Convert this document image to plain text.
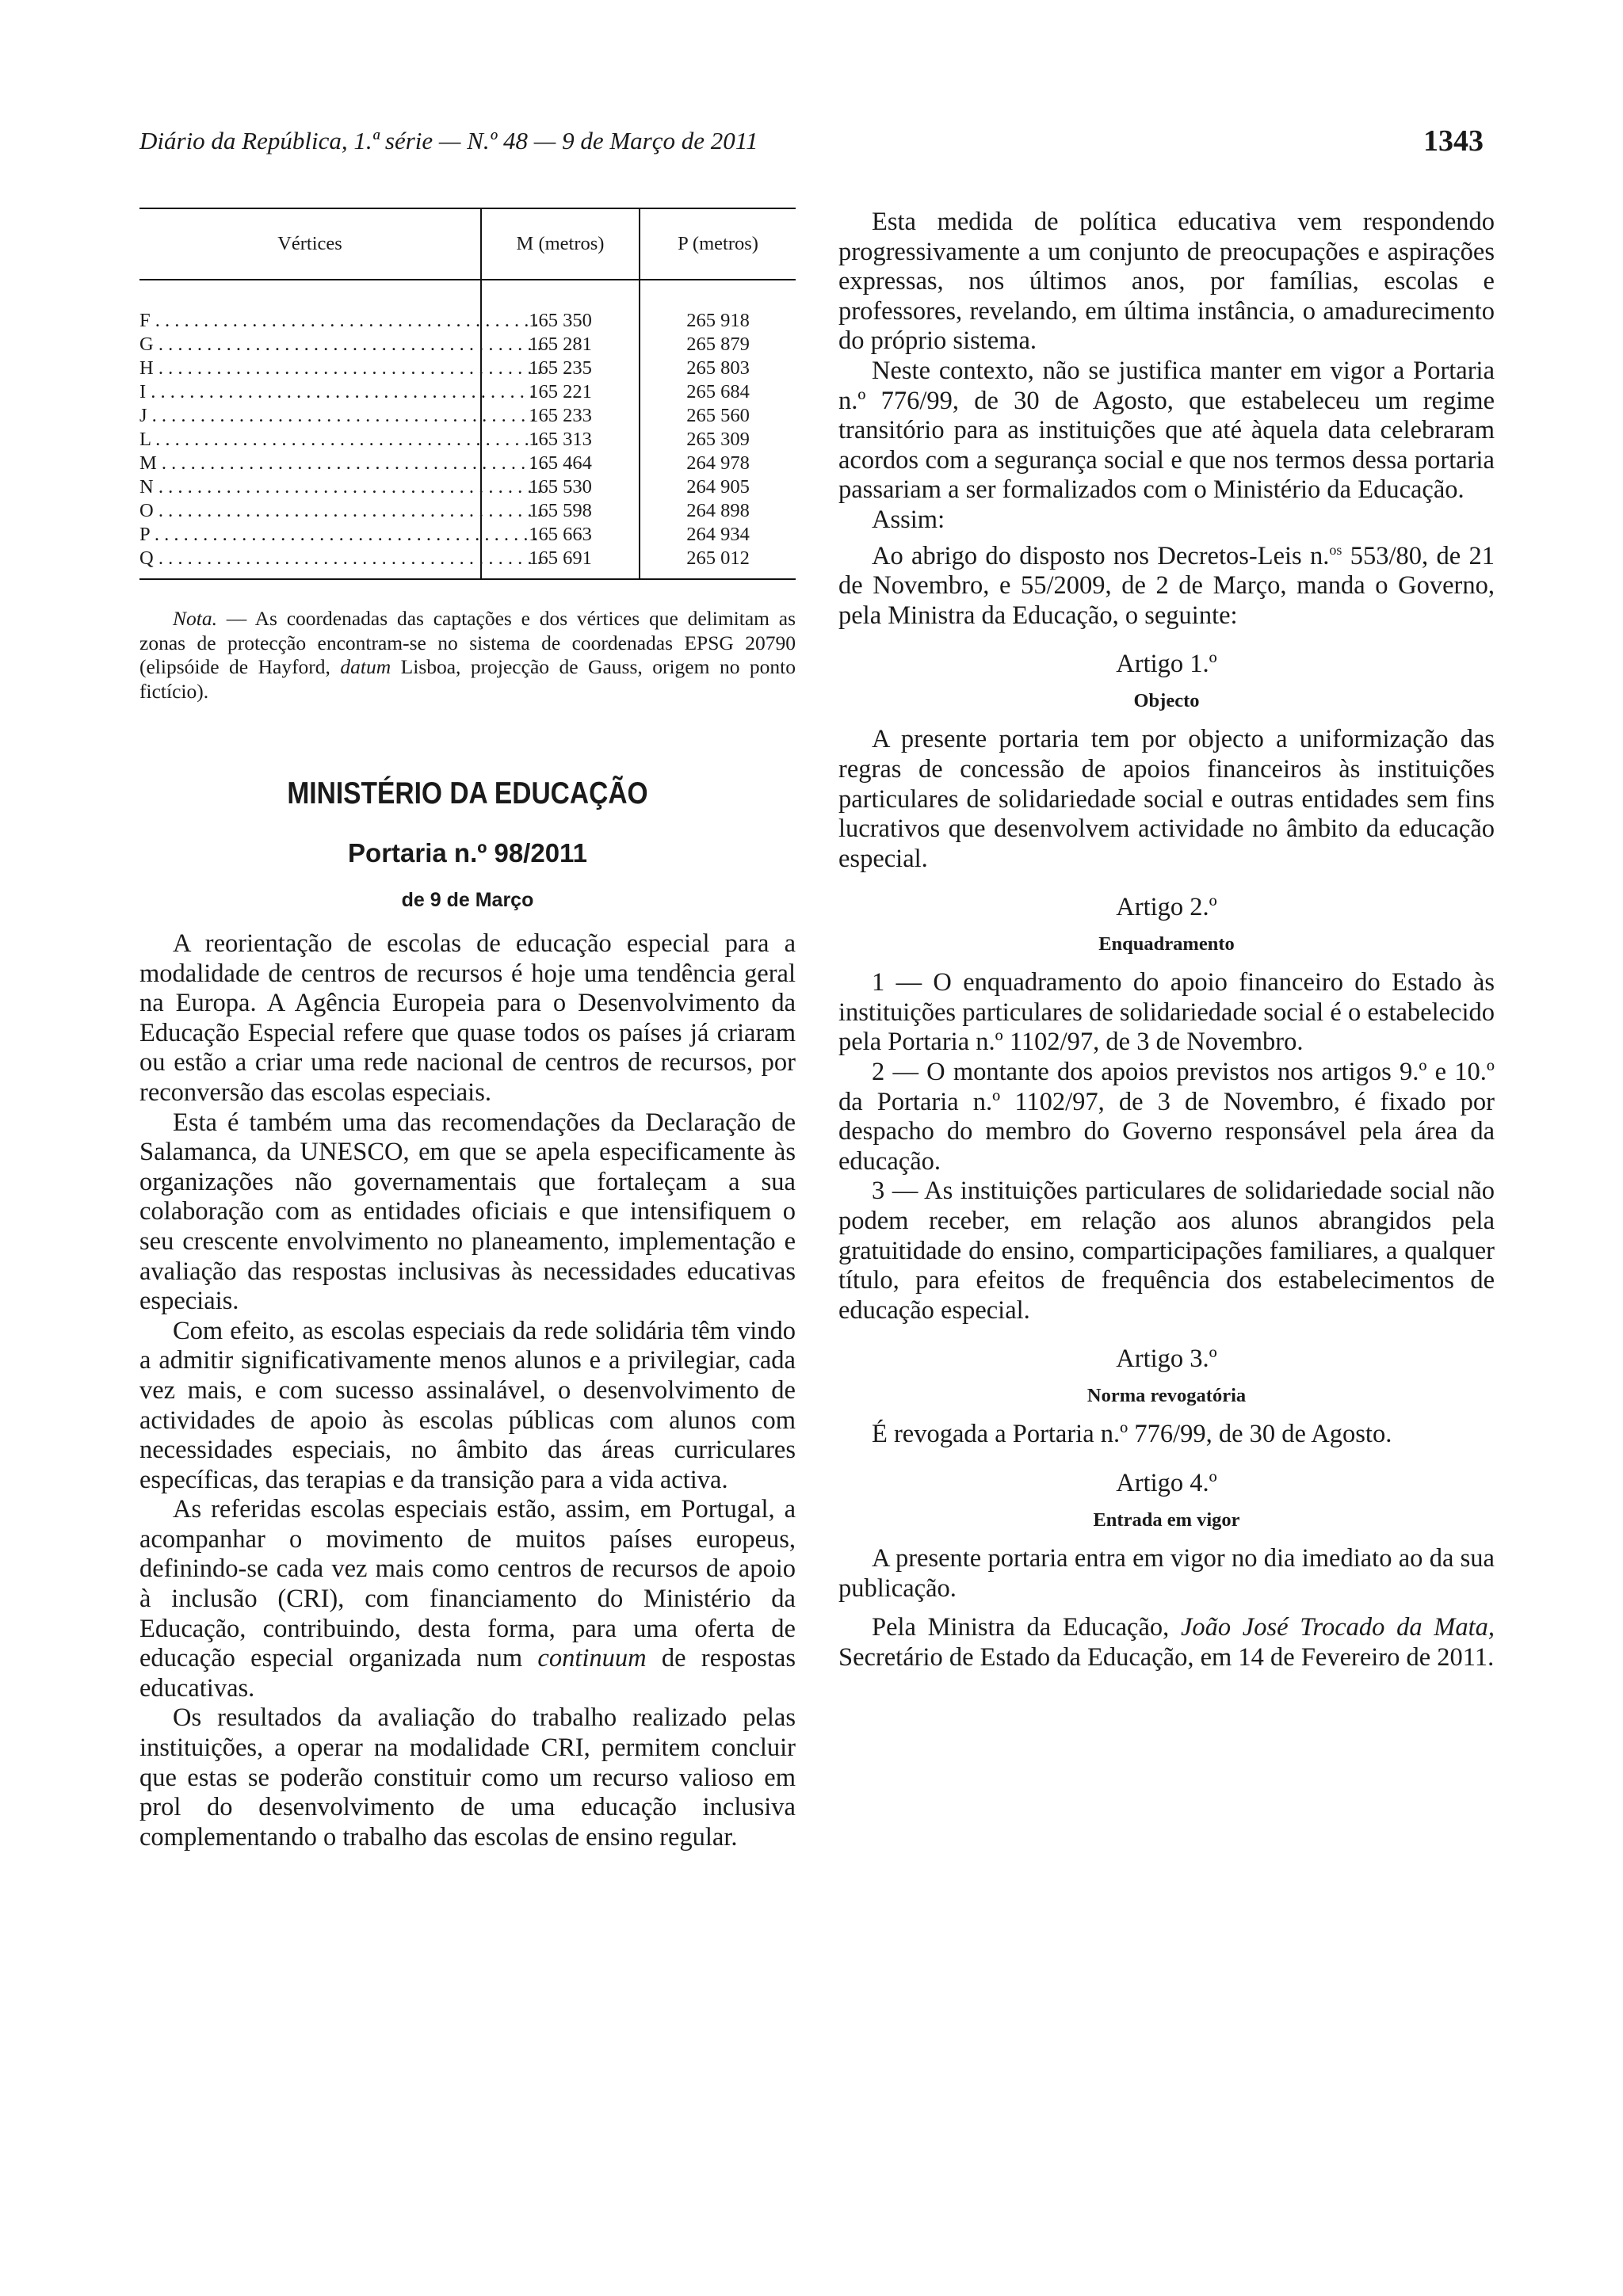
Diário da República, 1.ª série — N.º 48 — 9 de Março de 2011	1343
Vértices	M (metros)	P (metros)

F . . . . . . . . . . . . . . . . . . . . . . . . . . . . . . . . . . . . . . . .	165 350	265 918

G . . . . . . . . . . . . . . . . . . . . . . . . . . . . . . . . . . . . . . . .	165 281	265 879

H . . . . . . . . . . . . . . . . . . . . . . . . . . . . . . . . . . . . . . . .	165 235	265 803

I . . . . . . . . . . . . . . . . . . . . . . . . . . . . . . . . . . . . . . . .	165 221	265 684

J . . . . . . . . . . . . . . . . . . . . . . . . . . . . . . . . . . . . . . . .	165 233	265 560

L . . . . . . . . . . . . . . . . . . . . . . . . . . . . . . . . . . . . . . . .	165 313	265 309

M . . . . . . . . . . . . . . . . . . . . . . . . . . . . . . . . . . . . . . . .	165 464	264 978

N . . . . . . . . . . . . . . . . . . . . . . . . . . . . . . . . . . . . . . . .	165 530	264 905

O . . . . . . . . . . . . . . . . . . . . . . . . . . . . . . . . . . . . . . . .	165 598	264 898

P . . . . . . . . . . . . . . . . . . . . . . . . . . . . . . . . . . . . . . . .	165 663	264 934

Q . . . . . . . . . . . . . . . . . . . . . . . . . . . . . . . . . . . . . . . .	165 691	265 012

Nota. — As coordenadas das captações e dos vértices que delimitam as zonas de protecção encontram-se no sistema de coordenadas EPSG 20790 (elipsóide de Hayford, datum Lisboa, projecção de Gauss, origem no ponto fictício).

MINISTÉRIO DA EDUCAÇÃO
Portaria n.º 98/2011
de 9 de Março

A reorientação de escolas de educação especial para a modalidade de centros de recursos é hoje uma tendência geral na Europa. A Agência Europeia para o Desenvolvimento da Educação Especial refere que quase todos os países já criaram ou estão a criar uma rede nacional de centros de recursos, por reconversão das escolas especiais.

Esta é também uma das recomendações da Declaração de Salamanca, da UNESCO, em que se apela especificamente às organizações não governamentais que fortaleçam a sua colaboração com as entidades oficiais e que intensifiquem o seu crescente envolvimento no planeamento, implementação e avaliação das respostas inclusivas às necessidades educativas especiais.

Com efeito, as escolas especiais da rede solidária têm vindo a admitir significativamente menos alunos e a privilegiar, cada vez mais, e com sucesso assinalável, o desenvolvimento de actividades de apoio às escolas públicas com alunos com necessidades especiais, no âmbito das áreas curriculares específicas, das terapias e da transição para a vida activa.

As referidas escolas especiais estão, assim, em Portugal, a acompanhar o movimento de muitos países europeus, definindo-se cada vez mais como centros de recursos de apoio à inclusão (CRI), com financiamento do Ministério da Educação, contribuindo, desta forma, para uma oferta de educação especial organizada num continuum de respostas educativas.

Os resultados da avaliação do trabalho realizado pelas instituições, a operar na modalidade CRI, permitem concluir que estas se poderão constituir como um recurso valioso em prol do desenvolvimento de uma educação inclusiva complementando o trabalho das escolas de ensino regular.

Esta medida de política educativa vem respondendo progressivamente a um conjunto de preocupações e aspirações expressas, nos últimos anos, por famílias, escolas e professores, revelando, em última instância, o amadurecimento do próprio sistema.

Neste contexto, não se justifica manter em vigor a Portaria n.º 776/99, de 30 de Agosto, que estabeleceu um regime transitório para as instituições que até àquela data celebraram acordos com a segurança social e que nos termos dessa portaria passariam a ser formalizados com o Ministério da Educação.

Assim:

Ao abrigo do disposto nos Decretos-Leis n.$^{os}$ 553/80, de 21 de Novembro, e 55/2009, de 2 de Março, manda o Governo, pela Ministra da Educação, o seguinte:

Artigo 1.º
Objecto

A presente portaria tem por objecto a uniformização das regras de concessão de apoios financeiros às instituições particulares de solidariedade social e outras entidades sem fins lucrativos que desenvolvem actividade no âmbito da educação especial.

Artigo 2.º
Enquadramento

1 — O enquadramento do apoio financeiro do Estado às instituições particulares de solidariedade social é o estabelecido pela Portaria n.º 1102/97, de 3 de Novembro.

2 — O montante dos apoios previstos nos artigos 9.º e 10.º da Portaria n.º 1102/97, de 3 de Novembro, é fixado por despacho do membro do Governo responsável pela área da educação.

3 — As instituições particulares de solidariedade social não podem receber, em relação aos alunos abrangidos pela gratuitidade do ensino, comparticipações familiares, a qualquer título, para efeitos de frequência dos estabelecimentos de educação especial.

Artigo 3.º
Norma revogatória

É revogada a Portaria n.º 776/99, de 30 de Agosto.

Artigo 4.º
Entrada em vigor

A presente portaria entra em vigor no dia imediato ao da sua publicação.

Pela Ministra da Educação, João José Trocado da Mata, Secretário de Estado da Educação, em 14 de Fevereiro de 2011.
